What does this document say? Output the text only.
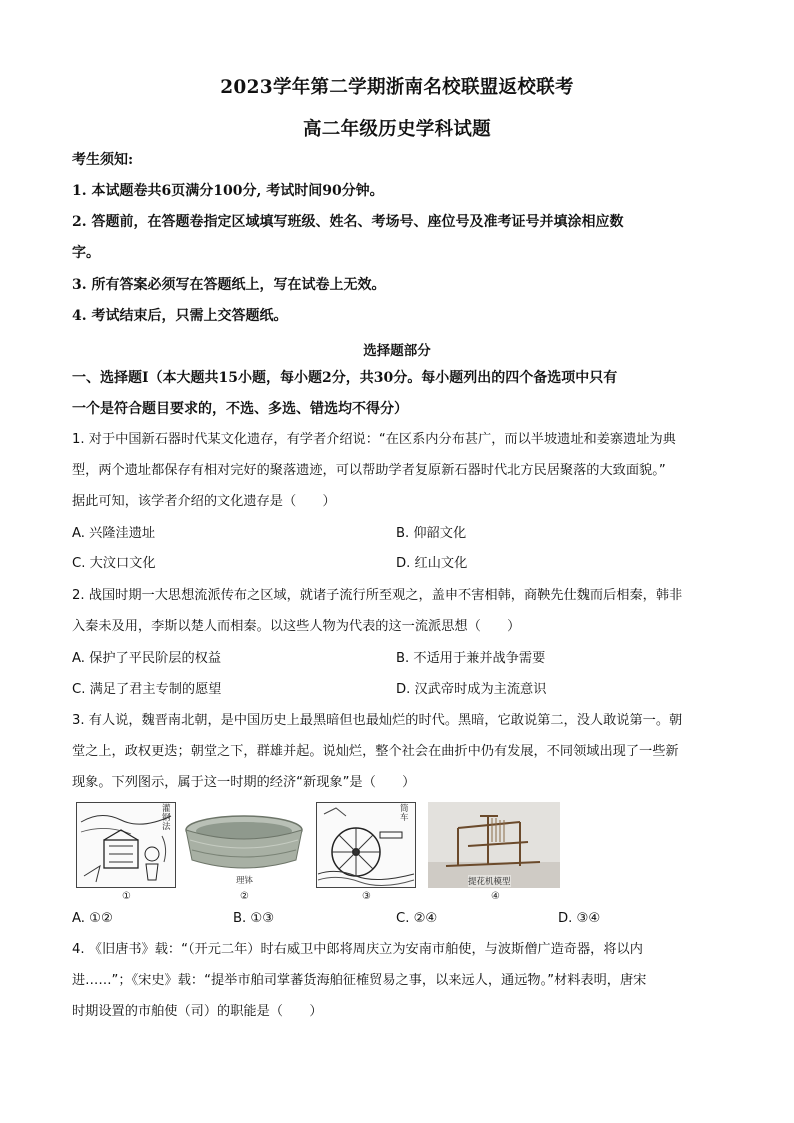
2023学年第二学期浙南名校联盟返校联考
高二年级历史学科试题
考生须知:
1. 本试题卷共6页满分100分, 考试时间90分钟。
2. 答题前，在答题卷指定区域填写班级、姓名、考场号、座位号及准考证号并填涂相应数
字。
3. 所有答案必须写在答题纸上，写在试卷上无效。
4. 考试结束后，只需上交答题纸。
选择题部分
一、选择题Ⅰ（本大题共15小题，每小题2分，共30分。每小题列出的四个备选项中只有
一个是符合题目要求的，不选、多选、错选均不得分）
1. 对于中国新石器时代某文化遗存，有学者介绍说：“在区系内分布甚广，而以半坡遗址和姜寨遗址为典
型，两个遗址都保存有相对完好的聚落遗迹，可以帮助学者复原新石器时代北方民居聚落的大致面貌。”
据此可知，该学者介绍的文化遗存是（　　）
A. 兴隆洼遗址	B. 仰韶文化
C. 大汶口文化	D. 红山文化
2. 战国时期一大思想流派传布之区域，就诸子流行所至观之，盖申不害相韩，商鞅先仕魏而后相秦，韩非
入秦未及用，李斯以楚人而相秦。以这些人物为代表的这一流派思想（　　）
A. 保护了平民阶层的权益	B. 不适用于兼并战争需要
C. 满足了君主专制的愿望	D. 汉武帝时成为主流意识
3. 有人说，魏晋南北朝，是中国历史上最黑暗但也最灿烂的时代。黑暗，它敢说第二，没人敢说第一。朝
堂之上，政权更迭；朝堂之下，群雄并起。说灿烂，整个社会在曲折中仍有发展，不同领域出现了一些新
现象。下列图示，属于这一时期的经济“新现象”是（　　）
灌钢法
①
理钵
②
筒车
③
提花机模型
④
A. ①②	B. ①③	C. ②④	D. ③④
4. 《旧唐书》载：“（开元二年）时右威卫中郎将周庆立为安南市舶使，与波斯僧广造奇器，将以内
进……”；《宋史》载：“提举市舶司掌蕃货海舶征榷贸易之事，以来远人，通远物。”材料表明，唐宋
时期设置的市舶使（司）的职能是（　　）
